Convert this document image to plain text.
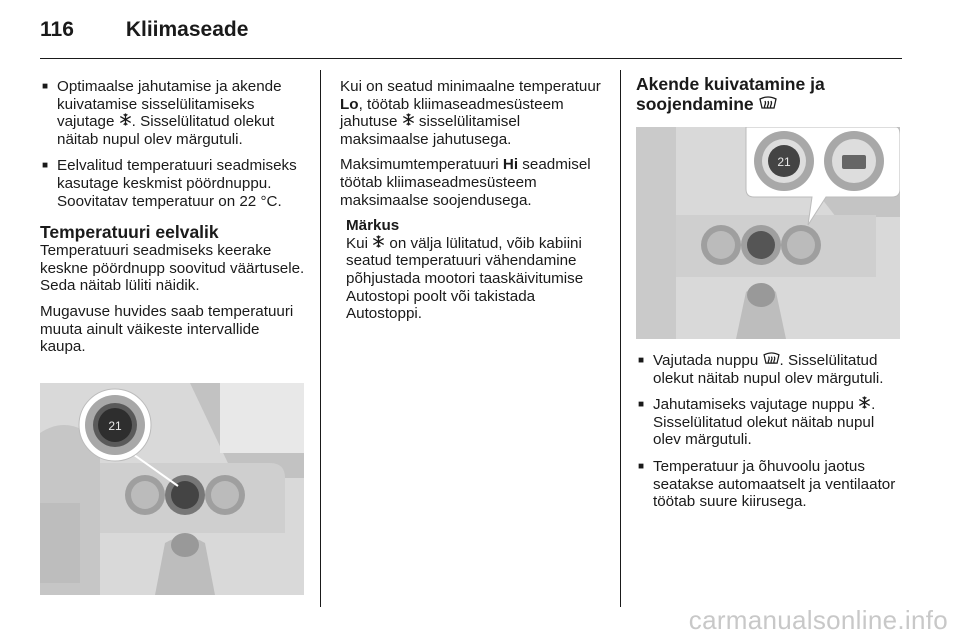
116 Kliimaseade
■ Optimaalse jahutamise ja akende kuivatamise sisselülitamiseks vajutage . Sisselülitatud olekut näitab nupul olev märgutuli.
■ Eelvalitud temperatuuri seadmiseks kasutage keskmist pöördnuppu. Soovitatav temperatuur on 22 °C.
Temperatuuri eelvalik

Temperatuuri seadmiseks keerake keskne pöördnupp soovitud väärtusele. Seda näitab lüliti näidik.

Mugavuse huvides saab temperatuuri muuta ainult väikeste intervallide kaupa.

21

Kui on seatud minimaalne temperatuur Lo, töötab kliimaseadmesüsteem jahutuse  sisselülitamisel maksimaalse jahutusega.

Maksimumtemperatuuri Hi seadmisel töötab kliimaseadmesüsteem maksimaalse soojendusega.

Märkus
Kui  on välja lülitatud, võib kabiini seatud temperatuuri vähendamine põhjustada mootori taaskäivitumise Autostopi poolt või takistada Autostoppi.
Akende kuivatamine ja soojendamine
21
■ Vajutada nuppu . Sisselülitatud olekut näitab nupul olev märgutuli.
■ Jahutamiseks vajutage nuppu . Sisselülitatud olekut näitab nupul olev märgutuli.
■ Temperatuur ja õhuvoolu jaotus seatakse automaatselt ja ventilaator töötab suure kiirusega.
carmanualsonline.info
